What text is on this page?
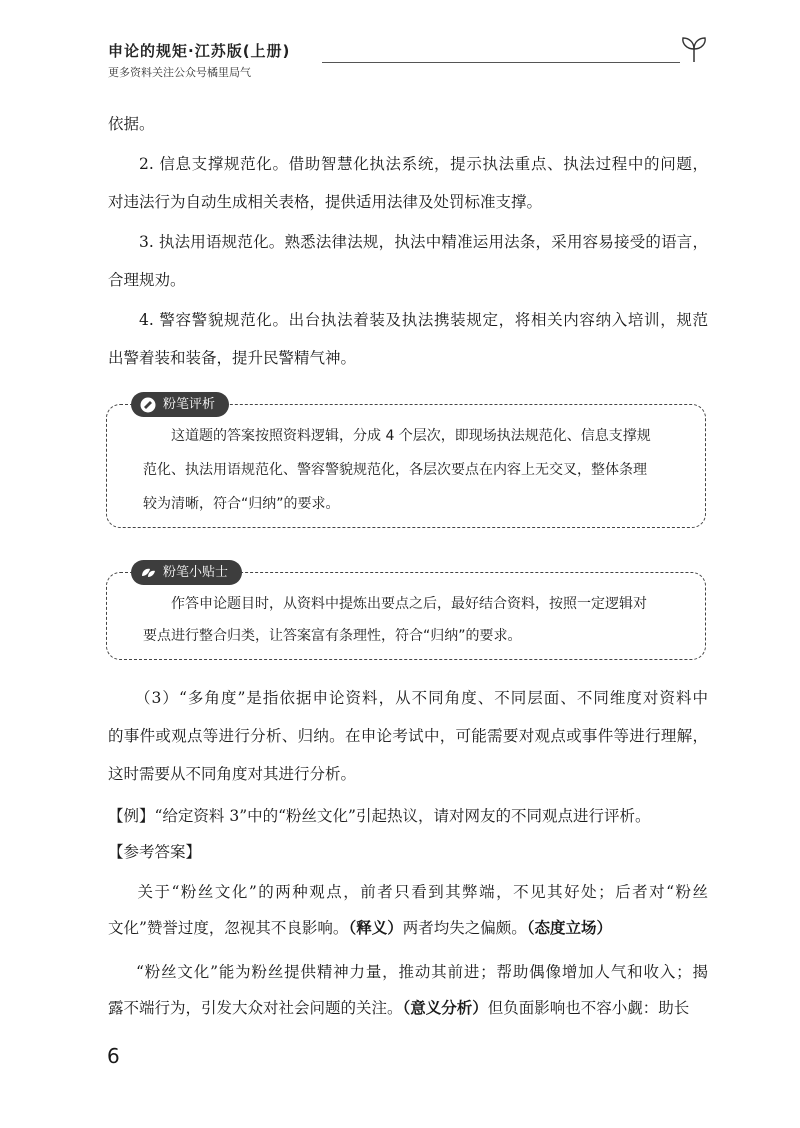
申论的规矩·江苏版(上册)
更多资料关注公众号橘里局气

依据。

2. 信息支撑规范化。借助智慧化执法系统，提示执法重点、执法过程中的问题，

对违法行为自动生成相关表格，提供适用法律及处罚标准支撑。

3. 执法用语规范化。熟悉法律法规，执法中精准运用法条，采用容易接受的语言，

合理规劝。

4. 警容警貌规范化。出台执法着装及执法携装规定，将相关内容纳入培训，规范

出警着装和装备，提升民警精气神。

粉笔评析

这道题的答案按照资料逻辑，分成 4 个层次，即现场执法规范化、信息支撑规

范化、执法用语规范化、警容警貌规范化，各层次要点在内容上无交叉，整体条理

较为清晰，符合“归纳”的要求。

粉笔小贴士

作答申论题目时，从资料中提炼出要点之后，最好结合资料，按照一定逻辑对

要点进行整合归类，让答案富有条理性，符合“归纳”的要求。

（3）“多角度”是指依据申论资料，从不同角度、不同层面、不同维度对资料中

的事件或观点等进行分析、归纳。在申论考试中，可能需要对观点或事件等进行理解，

这时需要从不同角度对其进行分析。

【例】“给定资料 3”中的“粉丝文化”引起热议，请对网友的不同观点进行评析。

【参考答案】

关于“粉丝文化”的两种观点，前者只看到其弊端，不见其好处；后者对“粉丝

文化”赞誉过度，忽视其不良影响。（释义）两者均失之偏颇。（态度立场）

“粉丝文化”能为粉丝提供精神力量，推动其前进；帮助偶像增加人气和收入；揭

露不端行为，引发大众对社会问题的关注。（意义分析）但负面影响也不容小觑：助长

6
